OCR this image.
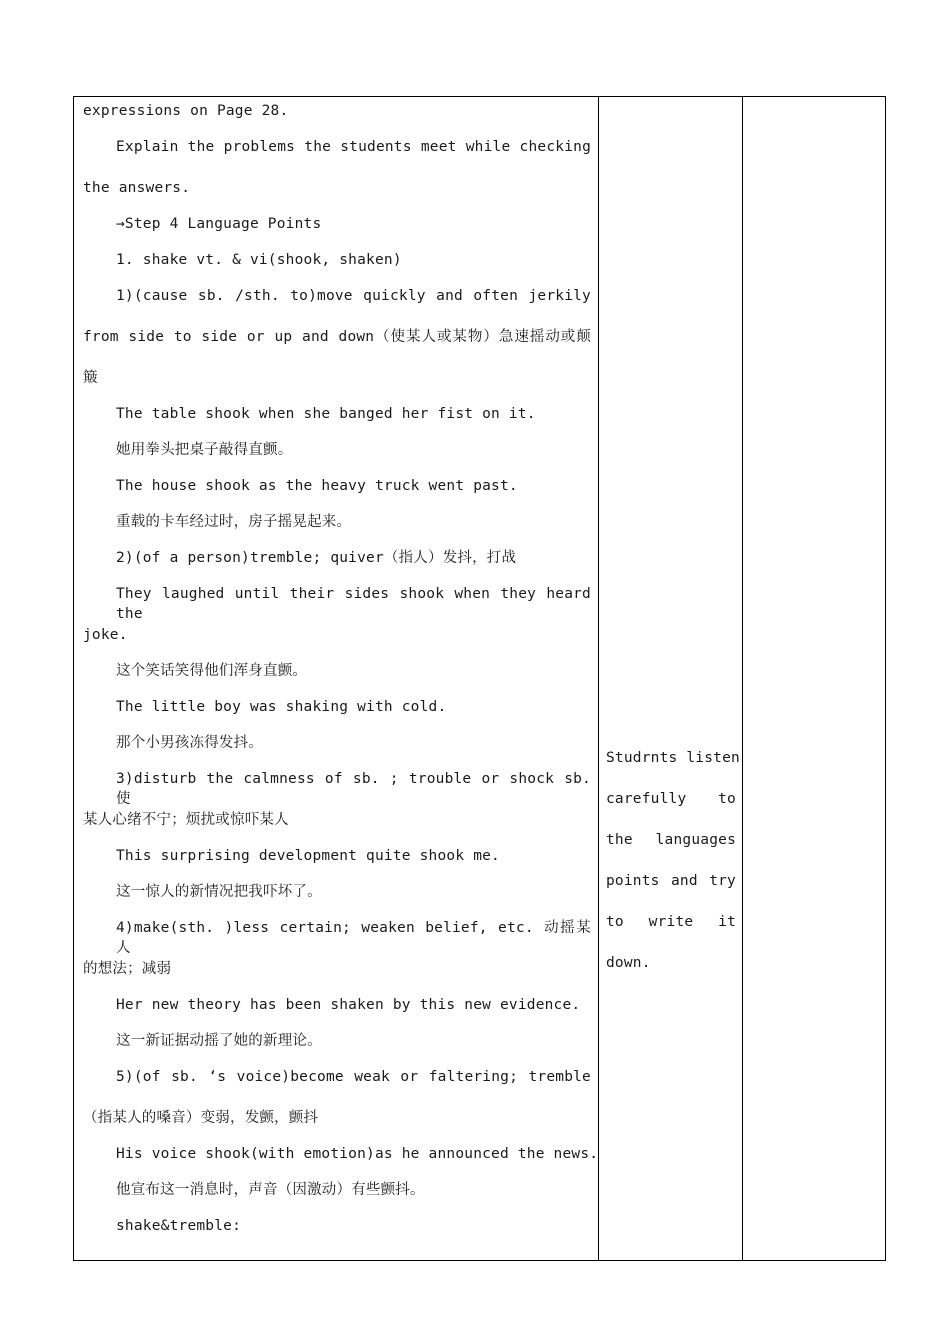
expressions on Page 28.
Explain the problems the students meet while checking
the answers.
→Step 4 Language Points
1. shake vt. & vi(shook, shaken)
1)(cause sb. /sth. to)move quickly and often jerkily
from side to side or up and down（使某人或某物）急速摇动或颠
簸
The table shook when she banged her fist on it.
她用拳头把桌子敲得直颤。
The house shook as the heavy truck went past.
重载的卡车经过时，房子摇晃起来。
2)(of a person)tremble; quiver（指人）发抖，打战
They laughed until their sides shook when they heard the
joke.
这个笑话笑得他们浑身直颤。
The little boy was shaking with cold.
那个小男孩冻得发抖。
3)disturb the calmness of sb. ; trouble or shock sb. 使
某人心绪不宁；烦扰或惊吓某人
This surprising development quite shook me.
这一惊人的新情况把我吓坏了。
4)make(sth. )less certain; weaken belief, etc. 动摇某人
的想法；减弱
Her new theory has been shaken by this new evidence.
这一新证据动摇了她的新理论。
5)(of sb. ‘s voice)become weak or faltering; tremble
（指某人的嗓音）变弱，发颤，颤抖
His voice shook(with emotion)as he announced the news.
他宣布这一消息时，声音（因激动）有些颤抖。
shake&tremble:
Studrnts listen
carefully to
the languages
points and try
to write it
down.
